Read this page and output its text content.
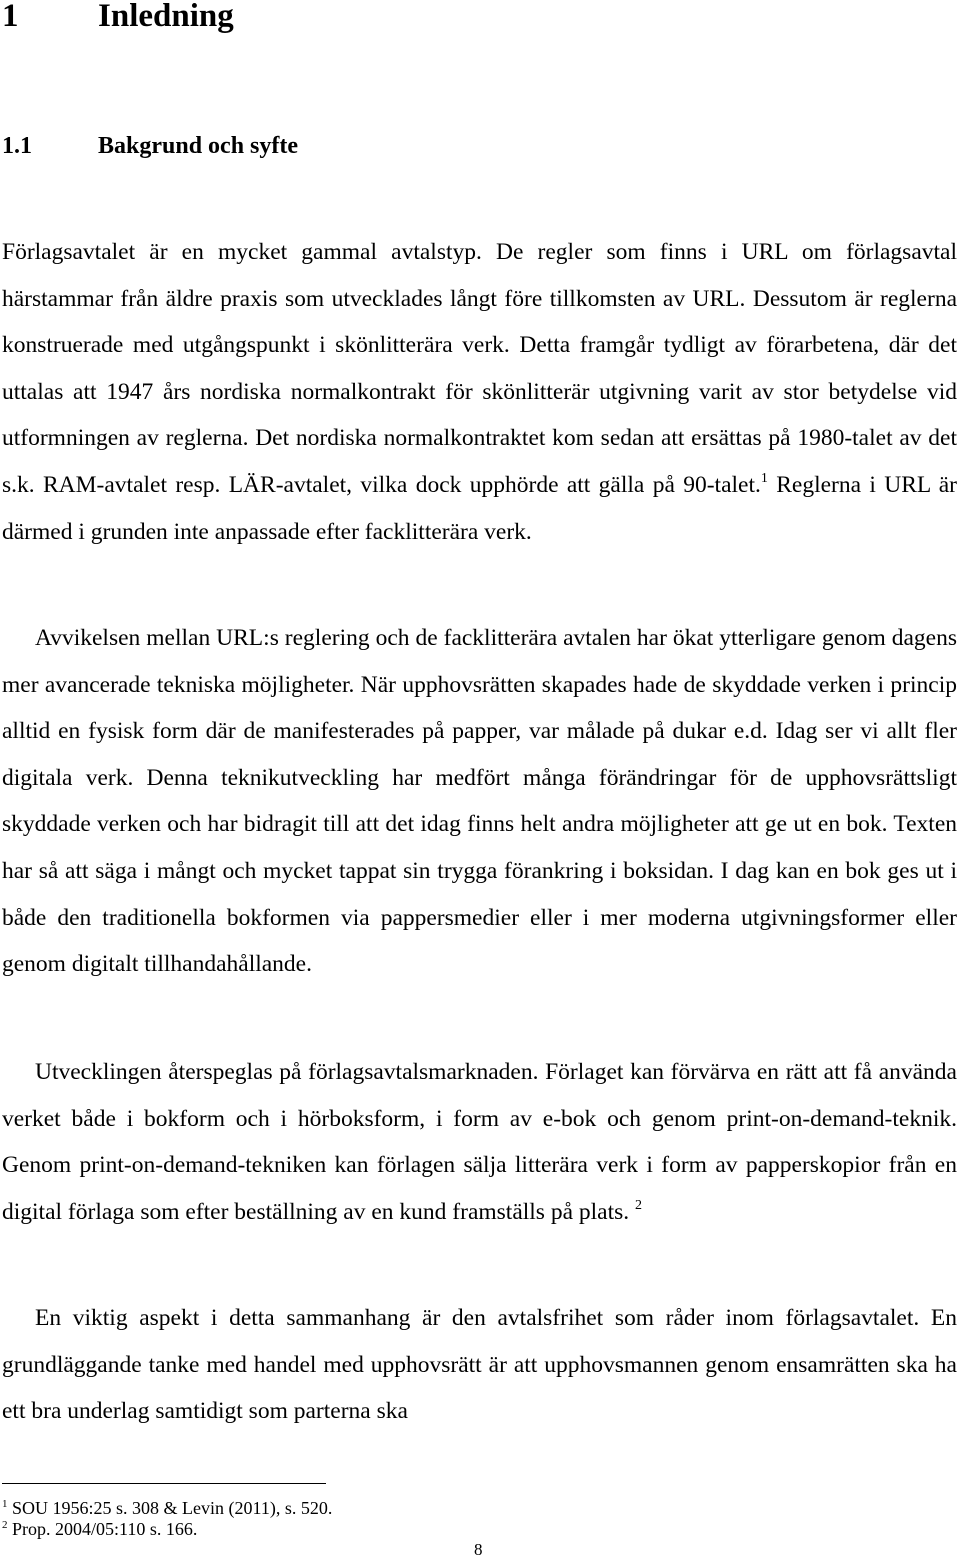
1 Inledning
1.1	Bakgrund och syfte

Förlagsavtalet är en mycket gammal avtalstyp. De regler som finns i URL om förlagsavtal härstammar från äldre praxis som utvecklades långt före tillkomsten av URL. Dessutom är reglerna konstruerade med utgångspunkt i skönlitterära verk. Detta framgår tydligt av förarbetena, där det uttalas att 1947 års nordiska normalkontrakt för skönlitterär utgivning varit av stor betydelse vid utformningen av reglerna. Det nordiska normalkontraktet kom sedan att ersättas på 1980-talet av det s.k. RAM-avtalet resp. LÄR-avtalet, vilka dock upphörde att gälla på 90-talet.$^1$ Reglerna i URL är därmed i grunden inte anpassade efter facklitterära verk.

Avvikelsen mellan URL:s reglering och de facklitterära avtalen har ökat ytterligare genom dagens mer avancerade tekniska möjligheter. När upphovsrätten skapades hade de skyddade verken i princip alltid en fysisk form där de manifesterades på papper, var målade på dukar e.d. Idag ser vi allt fler digitala verk. Denna teknikutveckling har medfört många förändringar för de upphovsrättsligt skyddade verken och har bidragit till att det idag finns helt andra möjligheter att ge ut en bok. Texten har så att säga i mångt och mycket tappat sin trygga förankring i boksidan. I dag kan en bok ges ut i både den traditionella bokformen via pappersmedier eller i mer moderna utgivningsformer eller genom digitalt tillhandahållande.

Utvecklingen återspeglas på förlagsavtalsmarknaden. Förlaget kan förvärva en rätt att få använda verket både i bokform och i hörboksform, i form av e-bok och genom print-on-demand-teknik. Genom print-on-demand-tekniken kan förlagen sälja litterära verk i form av papperskopior från en digital förlaga som efter beställning av en kund framställs på plats. $^2$

En viktig aspekt i detta sammanhang är den avtalsfrihet som råder inom förlagsavtalet. En grundläggande tanke med handel med upphovsrätt är att upphovsmannen genom ensamrätten ska ha ett bra underlag samtidigt som parterna ska

$^1$ SOU 1956:25 s. 308 & Levin (2011), s. 520.
$^2$ Prop. 2004/05:110 s. 166.
8
